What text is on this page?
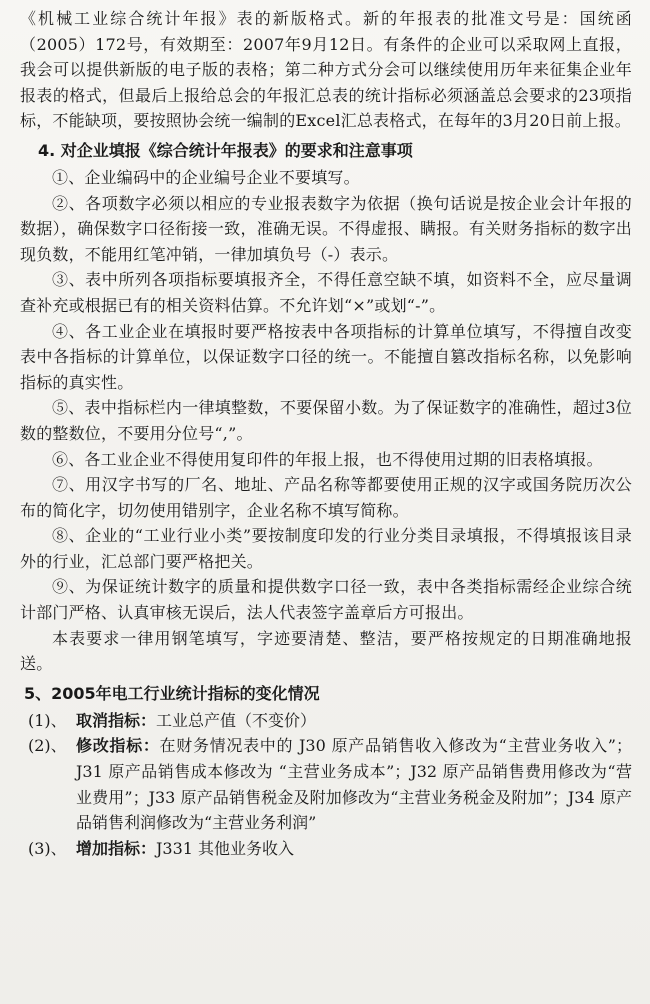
《机械工业综合统计年报》表的新版格式。新的年报表的批准文号是：国统函（2005）172号，有效期至：2007年9月12日。有条件的企业可以采取网上直报，我会可以提供新版的电子版的表格；第二种方式分会可以继续使用历年来征集企业年报表的格式，但最后上报给总会的年报汇总表的统计指标必须涵盖总会要求的23项指标，不能缺项，要按照协会统一编制的Excel汇总表格式，在每年的3月20日前上报。

4. 对企业填报《综合统计年报表》的要求和注意事项

①、企业编码中的企业编号企业不要填写。

②、各项数字必须以相应的专业报表数字为依据（换句话说是按企业会计年报的数据），确保数字口径衔接一致，准确无误。不得虚报、瞒报。有关财务指标的数字出现负数，不能用红笔冲销，一律加填负号（-）表示。

③、表中所列各项指标要填报齐全，不得任意空缺不填，如资料不全，应尽量调查补充或根据已有的相关资料估算。不允许划“×”或划“-”。

④、各工业企业在填报时要严格按表中各项指标的计算单位填写，不得擅自改变表中各指标的计算单位，以保证数字口径的统一。不能擅自篡改指标名称，以免影响指标的真实性。

⑤、表中指标栏内一律填整数，不要保留小数。为了保证数字的准确性，超过3位数的整数位，不要用分位号“,”。

⑥、各工业企业不得使用复印件的年报上报，也不得使用过期的旧表格填报。

⑦、用汉字书写的厂名、地址、产品名称等都要使用正规的汉字或国务院历次公布的简化字，切勿使用错别字，企业名称不填写简称。

⑧、企业的“工业行业小类”要按制度印发的行业分类目录填报，不得填报该目录外的行业，汇总部门要严格把关。

⑨、为保证统计数字的质量和提供数字口径一致，表中各类指标需经企业综合统计部门严格、认真审核无误后，法人代表签字盖章后方可报出。

本表要求一律用钢笔填写，字迹要清楚、整洁，要严格按规定的日期准确地报送。

5、2005年电工行业统计指标的变化情况
(1)、 取消指标：工业总产值（不变价）
(2)、 修改指标：在财务情况表中的 J30 原产品销售收入修改为“主营业务收入”；J31 原产品销售成本修改为 “主营业务成本”；J32 原产品销售费用修改为“营业费用”；J33 原产品销售税金及附加修改为“主营业务税金及附加”；J34 原产品销售利润修改为“主营业务利润”
(3)、 增加指标：J331 其他业务收入
